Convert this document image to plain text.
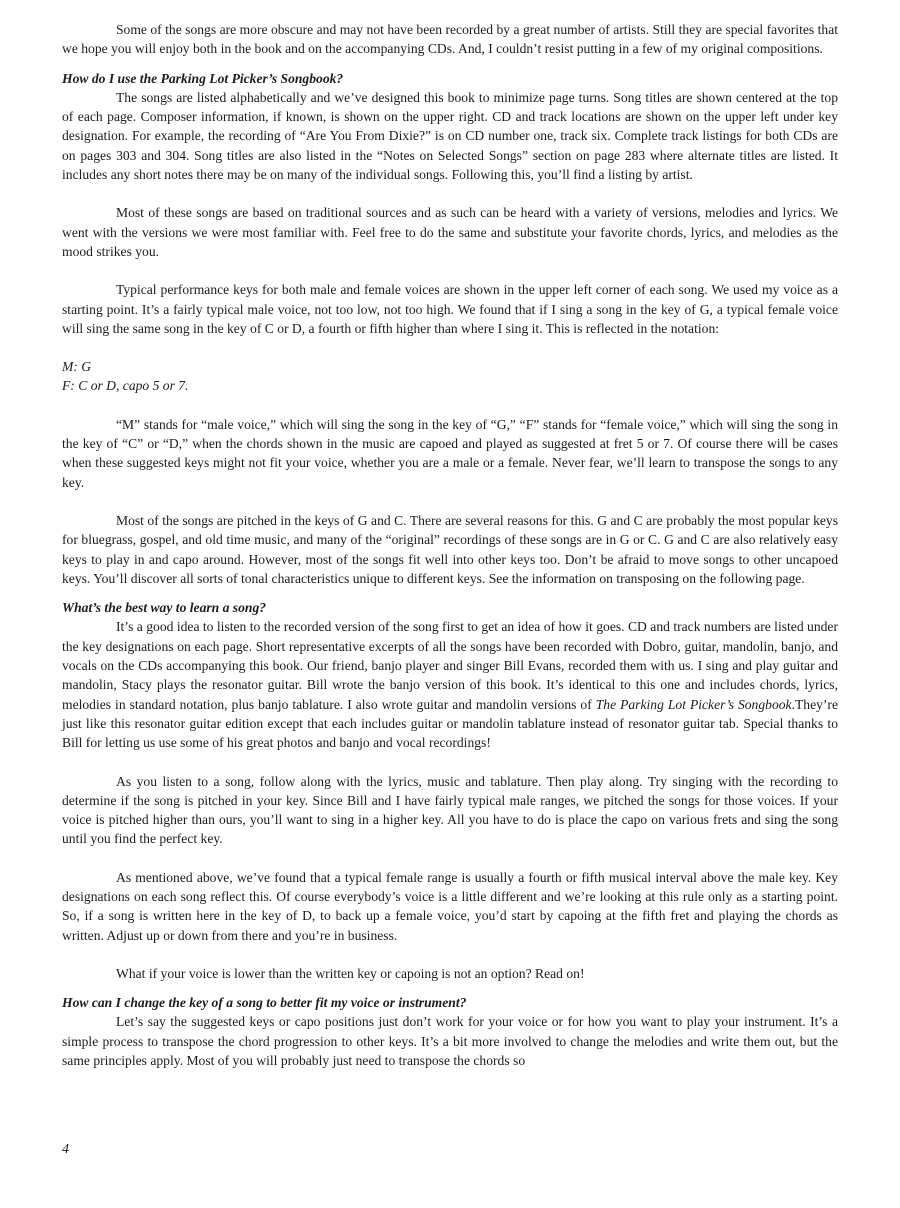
Some of the songs are more obscure and may not have been recorded by a great number of artists. Still they are special favorites that we hope you will enjoy both in the book and on the accompanying CDs. And, I couldn’t resist putting in a few of my original compositions.

How do I use the Parking Lot Picker’s Songbook?

The songs are listed alphabetically and we’ve designed this book to minimize page turns. Song titles are shown centered at the top of each page. Composer information, if known, is shown on the upper right. CD and track locations are shown on the upper left under key designation. For example, the recording of “Are You From Dixie?” is on CD number one, track six. Complete track listings for both CDs are on pages 303 and 304. Song titles are also listed in the “Notes on Selected Songs” section on page 283 where alternate titles are listed. It includes any short notes there may be on many of the individual songs. Following this, you’ll find a listing by artist.

Most of these songs are based on traditional sources and as such can be heard with a variety of versions, melodies and lyrics. We went with the versions we were most familiar with. Feel free to do the same and substitute your favorite chords, lyrics, and melodies as the mood strikes you.

Typical performance keys for both male and female voices are shown in the upper left corner of each song. We used my voice as a starting point. It’s a fairly typical male voice, not too low, not too high. We found that if I sing a song in the key of G, a typical female voice will sing the same song in the key of C or D, a fourth or fifth higher than where I sing it. This is reflected in the notation:

M: G

F: C or D, capo 5 or 7.

“M” stands for “male voice,” which will sing the song in the key of “G,” “F” stands for “female voice,” which will sing the song in the key of “C” or “D,” when the chords shown in the music are capoed and played as suggested at fret 5 or 7. Of course there will be cases when these suggested keys might not fit your voice, whether you are a male or a female. Never fear, we’ll learn to transpose the songs to any key.

Most of the songs are pitched in the keys of G and C. There are several reasons for this. G and C are probably the most popular keys for bluegrass, gospel, and old time music, and many of the “original” recordings of these songs are in G or C. G and C are also relatively easy keys to play in and capo around. However, most of the songs fit well into other keys too. Don’t be afraid to move songs to other uncapoed keys. You’ll discover all sorts of tonal characteristics unique to different keys. See the information on transposing on the following page.

What’s the best way to learn a song?

It’s a good idea to listen to the recorded version of the song first to get an idea of how it goes. CD and track numbers are listed under the key designations on each page. Short representative excerpts of all the songs have been recorded with Dobro, guitar, mandolin, banjo, and vocals on the CDs accompanying this book. Our friend, banjo player and singer Bill Evans, recorded them with us. I sing and play guitar and mandolin, Stacy plays the resonator guitar. Bill wrote the banjo version of this book. It’s identical to this one and includes chords, lyrics, melodies in standard notation, plus banjo tablature. I also wrote guitar and mandolin versions of The Parking Lot Picker’s Songbook.They’re just like this resonator guitar edition except that each includes guitar or mandolin tablature instead of resonator guitar tab. Special thanks to Bill for letting us use some of his great photos and banjo and vocal recordings!

As you listen to a song, follow along with the lyrics, music and tablature. Then play along. Try singing with the recording to determine if the song is pitched in your key. Since Bill and I have fairly typical male ranges, we pitched the songs for those voices. If your voice is pitched higher than ours, you’ll want to sing in a higher key. All you have to do is place the capo on various frets and sing the song until you find the perfect key.

As mentioned above, we’ve found that a typical female range is usually a fourth or fifth musical interval above the male key. Key designations on each song reflect this. Of course everybody’s voice is a little different and we’re looking at this rule only as a starting point. So, if a song is written here in the key of D, to back up a female voice, you’d start by capoing at the fifth fret and playing the chords as written. Adjust up or down from there and you’re in business.

What if your voice is lower than the written key or capoing is not an option? Read on!

How can I change the key of a song to better fit my voice or instrument?

Let’s say the suggested keys or capo positions just don’t work for your voice or for how you want to play your instrument. It’s a simple process to transpose the chord progression to other keys. It’s a bit more involved to change the melodies and write them out, but the same principles apply. Most of you will probably just need to transpose the chords so

4
